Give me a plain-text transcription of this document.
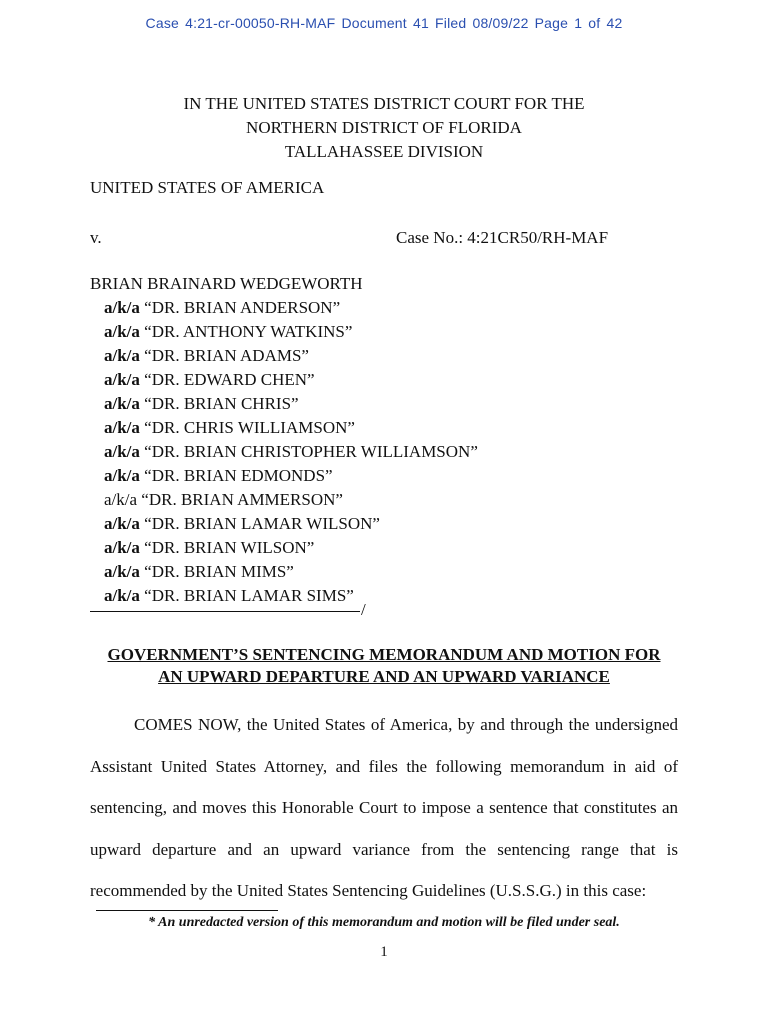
Case 4:21-cr-00050-RH-MAF Document 41 Filed 08/09/22 Page 1 of 42
IN THE UNITED STATES DISTRICT COURT FOR THE
NORTHERN DISTRICT OF FLORIDA
TALLAHASSEE DIVISION
UNITED STATES OF AMERICA
v.	Case No.: 4:21CR50/RH-MAF
BRIAN BRAINARD WEDGEWORTH
a/k/a “DR. BRIAN ANDERSON”
a/k/a “DR. ANTHONY WATKINS”
a/k/a “DR. BRIAN ADAMS”
a/k/a “DR. EDWARD CHEN”
a/k/a “DR. BRIAN CHRIS”
a/k/a “DR. CHRIS WILLIAMSON”
a/k/a “DR. BRIAN CHRISTOPHER WILLIAMSON”
a/k/a “DR. BRIAN EDMONDS”
a/k/a “DR. BRIAN AMMERSON”
a/k/a “DR. BRIAN LAMAR WILSON”
a/k/a “DR. BRIAN WILSON”
a/k/a “DR. BRIAN MIMS”
a/k/a “DR. BRIAN LAMAR SIMS”
/
GOVERNMENT’S SENTENCING MEMORANDUM AND MOTION FOR
AN UPWARD DEPARTURE AND AN UPWARD VARIANCE
COMES NOW, the United States of America, by and through the undersigned Assistant United States Attorney, and files the following memorandum in aid of sentencing, and moves this Honorable Court to impose a sentence that constitutes an upward departure and an upward variance from the sentencing range that is recommended by the United States Sentencing Guidelines (U.S.S.G.) in this case:
* An unredacted version of this memorandum and motion will be filed under seal.
1
